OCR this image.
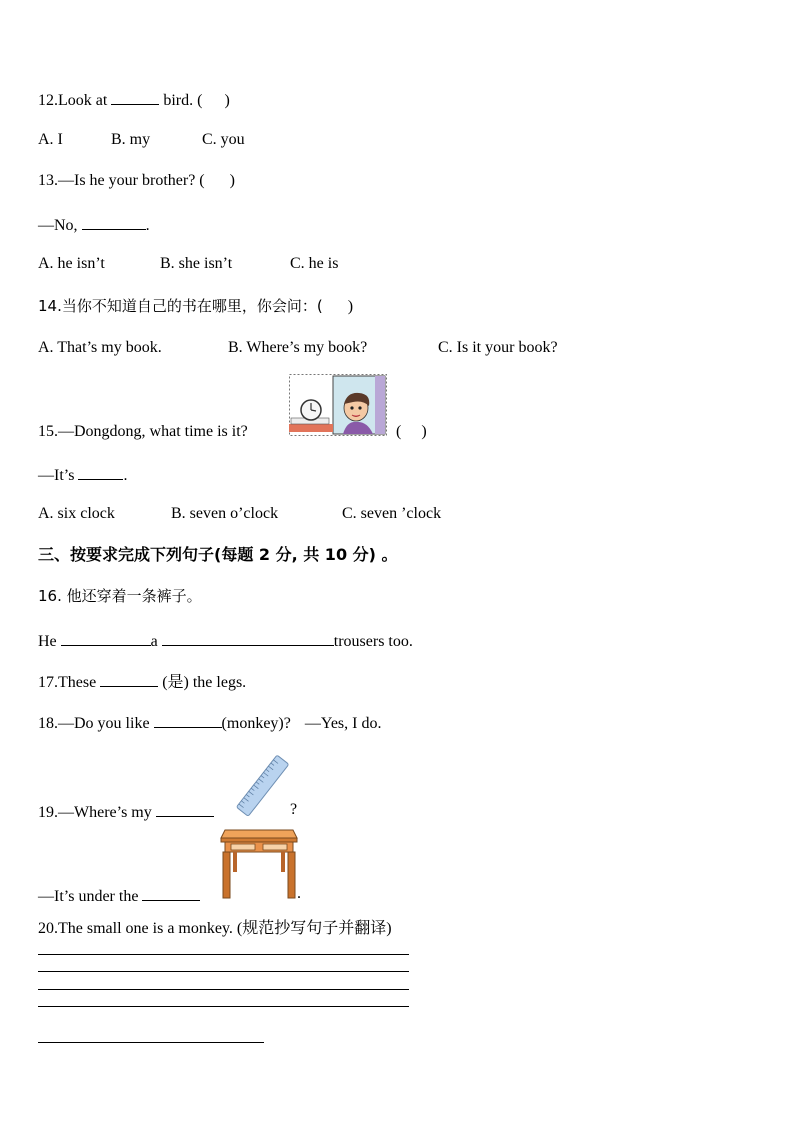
12.Look at	bird. ( )
A. I	B. my	C. you
13.—Is he your brother? ( )
—No,	.
A. he isn’t	B. she isn’t	C. he is
14.当你不知道自己的书在哪里，你会问：( )
A. That’s my book.	B. Where’s my book?	C. Is it your book?
15.—Dongdong, what time is it?	( )
—It’s	.
A. six clock	B. seven o’clock	C. seven ’clock
三、按要求完成下列句子(每题 2 分, 共 10 分) 。
16. 他还穿着一条裤子。
He	a	trousers too.
17.These	(是) the legs.
18.—Do you like	(monkey)? —Yes, I do.
19.—Where’s my	?
—It’s under the	.
20.The small one is a monkey. (规范抄写句子并翻译)
